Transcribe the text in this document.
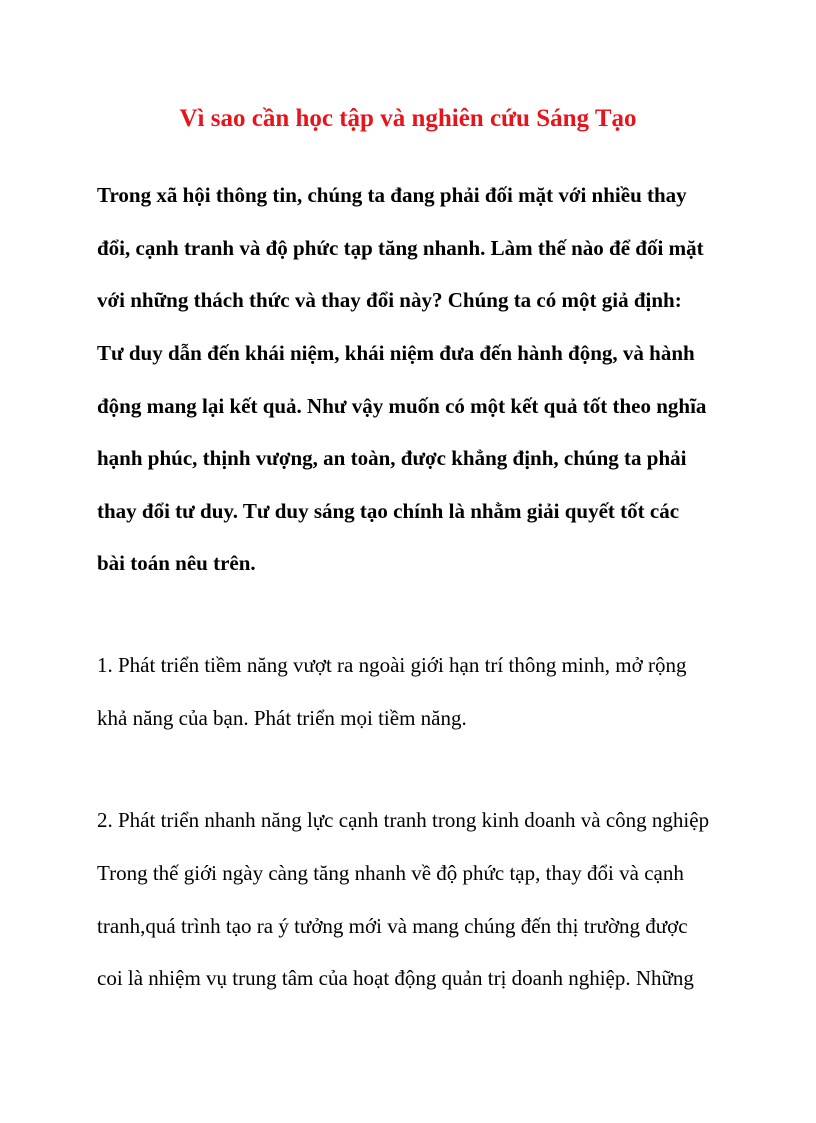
Vì sao cần học tập và nghiên cứu Sáng Tạo

Trong xã hội thông tin, chúng ta đang phải đối mặt với nhiều thay

đổi, cạnh tranh và độ phức tạp tăng nhanh. Làm thế nào để đối mặt

với những thách thức và thay đổi này? Chúng ta có một giả định:

Tư duy dẫn đến khái niệm, khái niệm đưa đến hành động, và hành

động mang lại kết quả. Như vậy muốn có một kết quả tốt theo nghĩa

hạnh phúc, thịnh vượng, an toàn, được khẳng định, chúng ta phải

thay đổi tư duy. Tư duy sáng tạo chính là nhằm giải quyết tốt các

bài toán nêu trên.

1. Phát triển tiềm năng vượt ra ngoài giới hạn trí thông minh, mở rộng

khả năng của bạn. Phát triển mọi tiềm năng.

2. Phát triển nhanh năng lực cạnh tranh trong kinh doanh và công nghiệp

Trong thế giới ngày càng tăng nhanh về độ phức tạp, thay đổi và cạnh

tranh,quá trình tạo ra ý tưởng mới và mang chúng đến thị trường được

coi là nhiệm vụ trung tâm của hoạt động quản trị doanh nghiệp. Những
